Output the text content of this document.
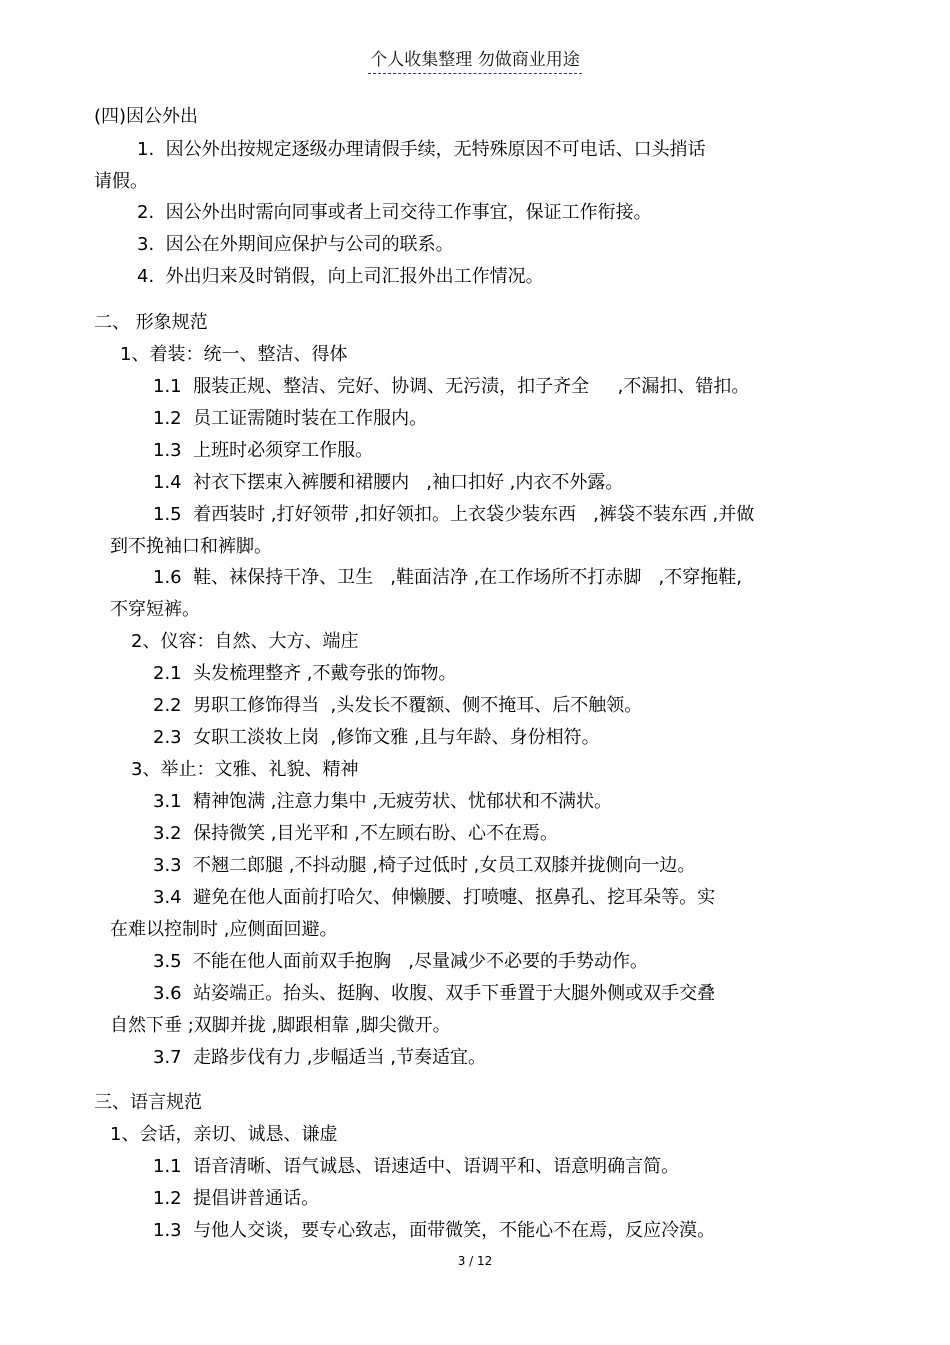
个人收集整理 勿做商业用途
(四)因公外出
1.  因公外出按规定逐级办理请假手续，无特殊原因不可电话、口头捎话
请假。
2.  因公外出时需向同事或者上司交待工作事宜，保证工作衔接。
3.  因公在外期间应保护与公司的联系。
4.  外出归来及时销假，向上司汇报外出工作情况。
二、 形象规范
1、着装：统一、整洁、得体
1.1  服装正规、整洁、完好、协调、无污渍，扣子齐全     ,不漏扣、错扣。
1.2  员工证需随时装在工作服内。
1.3  上班时必须穿工作服。
1.4  衬衣下摆束入裤腰和裙腰内   ,袖口扣好 ,内衣不外露。
1.5  着西装时 ,打好领带 ,扣好领扣。上衣袋少装东西   ,裤袋不装东西 ,并做
到不挽袖口和裤脚。
1.6  鞋、袜保持干净、卫生   ,鞋面洁净 ,在工作场所不打赤脚   ,不穿拖鞋,
不穿短裤。
2、仪容：自然、大方、端庄
2.1  头发梳理整齐 ,不戴夸张的饰物。
2.2  男职工修饰得当  ,头发长不覆额、侧不掩耳、后不触领。
2.3  女职工淡妆上岗  ,修饰文雅 ,且与年龄、身份相符。
3、举止：文雅、礼貌、精神
3.1  精神饱满 ,注意力集中 ,无疲劳状、忧郁状和不满状。
3.2  保持微笑 ,目光平和 ,不左顾右盼、心不在焉。
3.3  不翘二郎腿 ,不抖动腿 ,椅子过低时 ,女员工双膝并拢侧向一边。
3.4  避免在他人面前打哈欠、伸懒腰、打喷嚏、抠鼻孔、挖耳朵等。实
在难以控制时 ,应侧面回避。
3.5  不能在他人面前双手抱胸   ,尽量减少不必要的手势动作。
3.6  站姿端正。抬头、挺胸、收腹、双手下垂置于大腿外侧或双手交叠
自然下垂 ;双脚并拢 ,脚跟相靠 ,脚尖微开。
3.7  走路步伐有力 ,步幅适当 ,节奏适宜。
三、语言规范
1、会话，亲切、诚恳、谦虚
1.1  语音清晰、语气诚恳、语速适中、语调平和、语意明确言简。
1.2  提倡讲普通话。
1.3  与他人交谈，要专心致志，面带微笑，不能心不在焉，反应冷漠。
3 / 12
